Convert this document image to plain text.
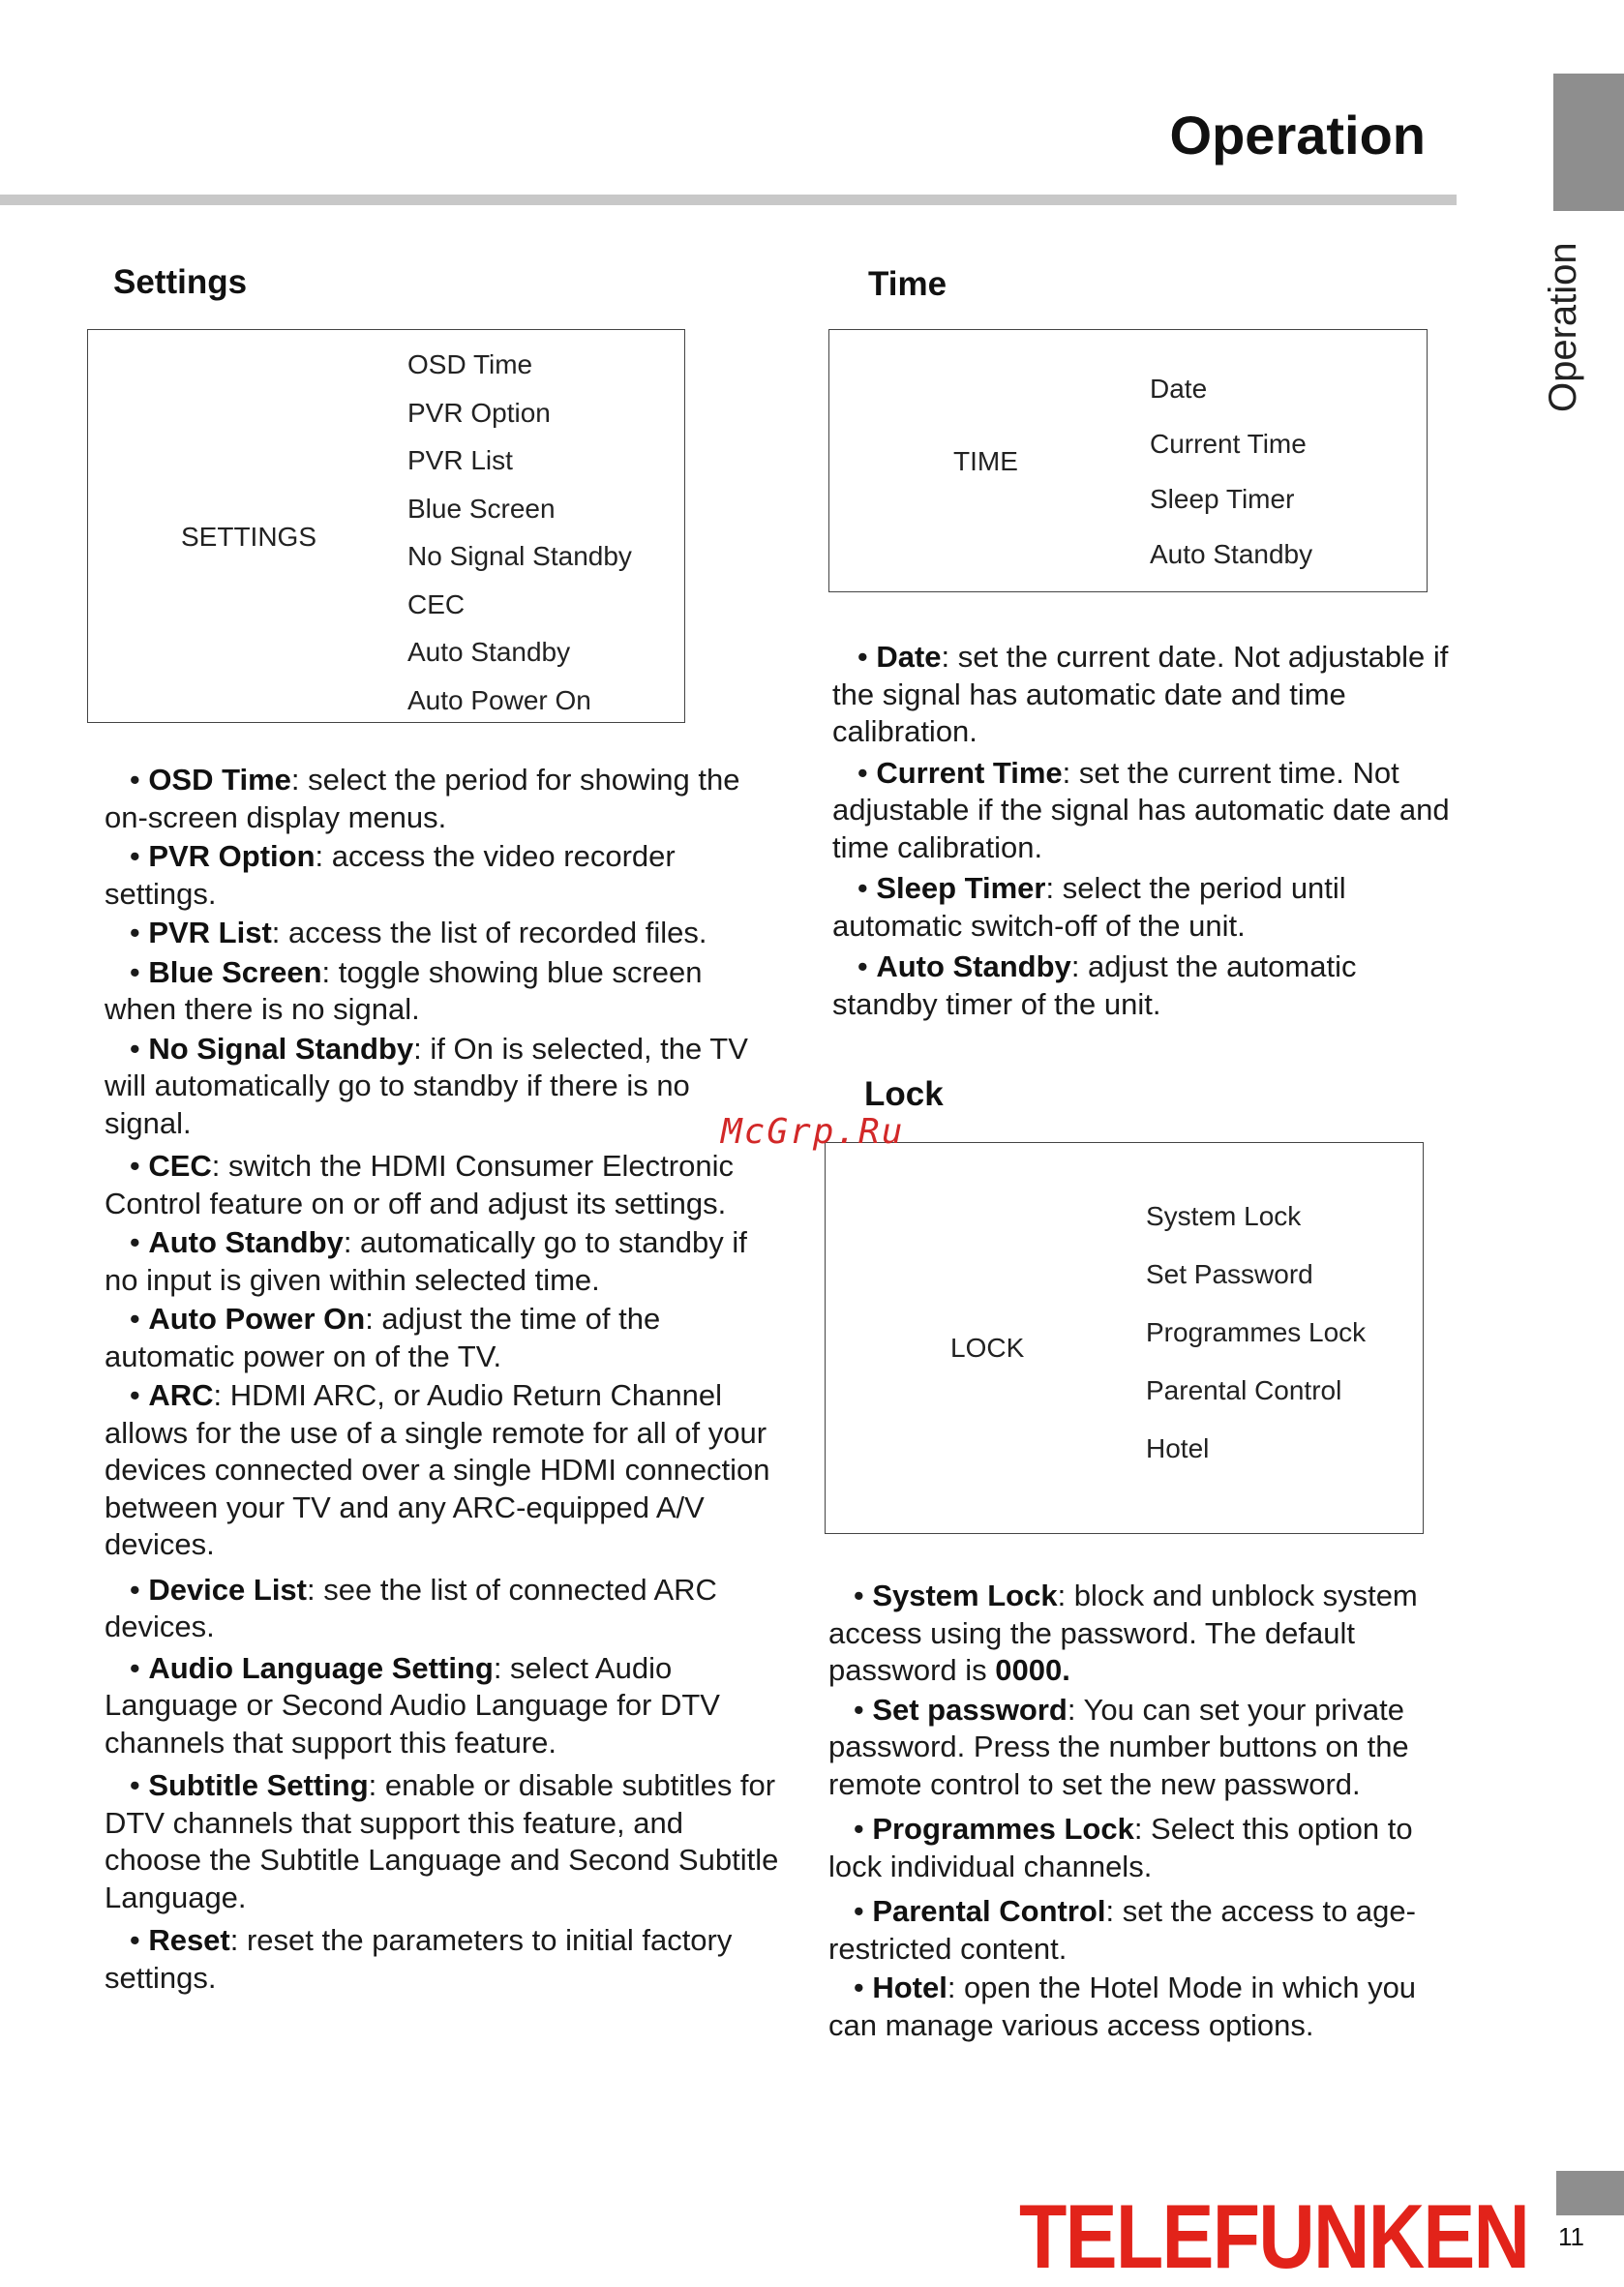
Operation
Operation
Settings
SETTINGS
OSD Time
PVR Option
PVR List
Blue Screen
No Signal Standby
CEC
Auto Standby
Auto Power On

• OSD Time: select the period for showing the on-screen display menus.

• PVR Option: access the video recorder settings.

• PVR List: access the list of recorded files.

• Blue Screen: toggle showing blue screen when there is no signal.

• No Signal Standby: if On is selected, the TV will automatically go to standby if there is no signal.

• CEC: switch the HDMI Consumer Electronic Control feature on or off and adjust its settings.

• Auto Standby: automatically go to standby if no input is given within selected time.

• Auto Power On: adjust the time of the automatic power on of the TV.

• ARC: HDMI ARC, or Audio Return Channel allows for the use of a single remote for all of your devices connected over a single HDMI connection between your TV and any ARC-equipped A/V devices.

• Device List: see the list of connected ARC devices.

• Audio Language Setting: select Audio Language or Second Audio Language for DTV channels that support this feature.

• Subtitle Setting: enable or disable subtitles for DTV channels that support this feature, and choose the Subtitle Language and Second Subtitle Language.

• Reset: reset the parameters to initial factory settings.

Time
TIME
Date
Current Time
Sleep Timer
Auto Standby

• Date: set the current date. Not adjustable if the signal has automatic date and time calibration.

• Current Time: set the current time. Not adjustable if the signal has automatic date and time calibration.

• Sleep Timer: select the period until automatic switch-off of the unit.

• Auto Standby: adjust the automatic standby timer of the unit.

Lock
LOCK
System Lock
Set Password
Programmes Lock
Parental Control
Hotel

• System Lock: block and unblock system access using the password. The default password is 0000.

• Set password: You can set your private password. Press the number buttons on the remote control to set the new password.

• Programmes Lock: Select this option to lock individual channels.

• Parental Control: set the access to age-restricted content.

• Hotel: open the Hotel Mode in which you can manage various access options.

McGrp.Ru
TELEFUNKEN 11
